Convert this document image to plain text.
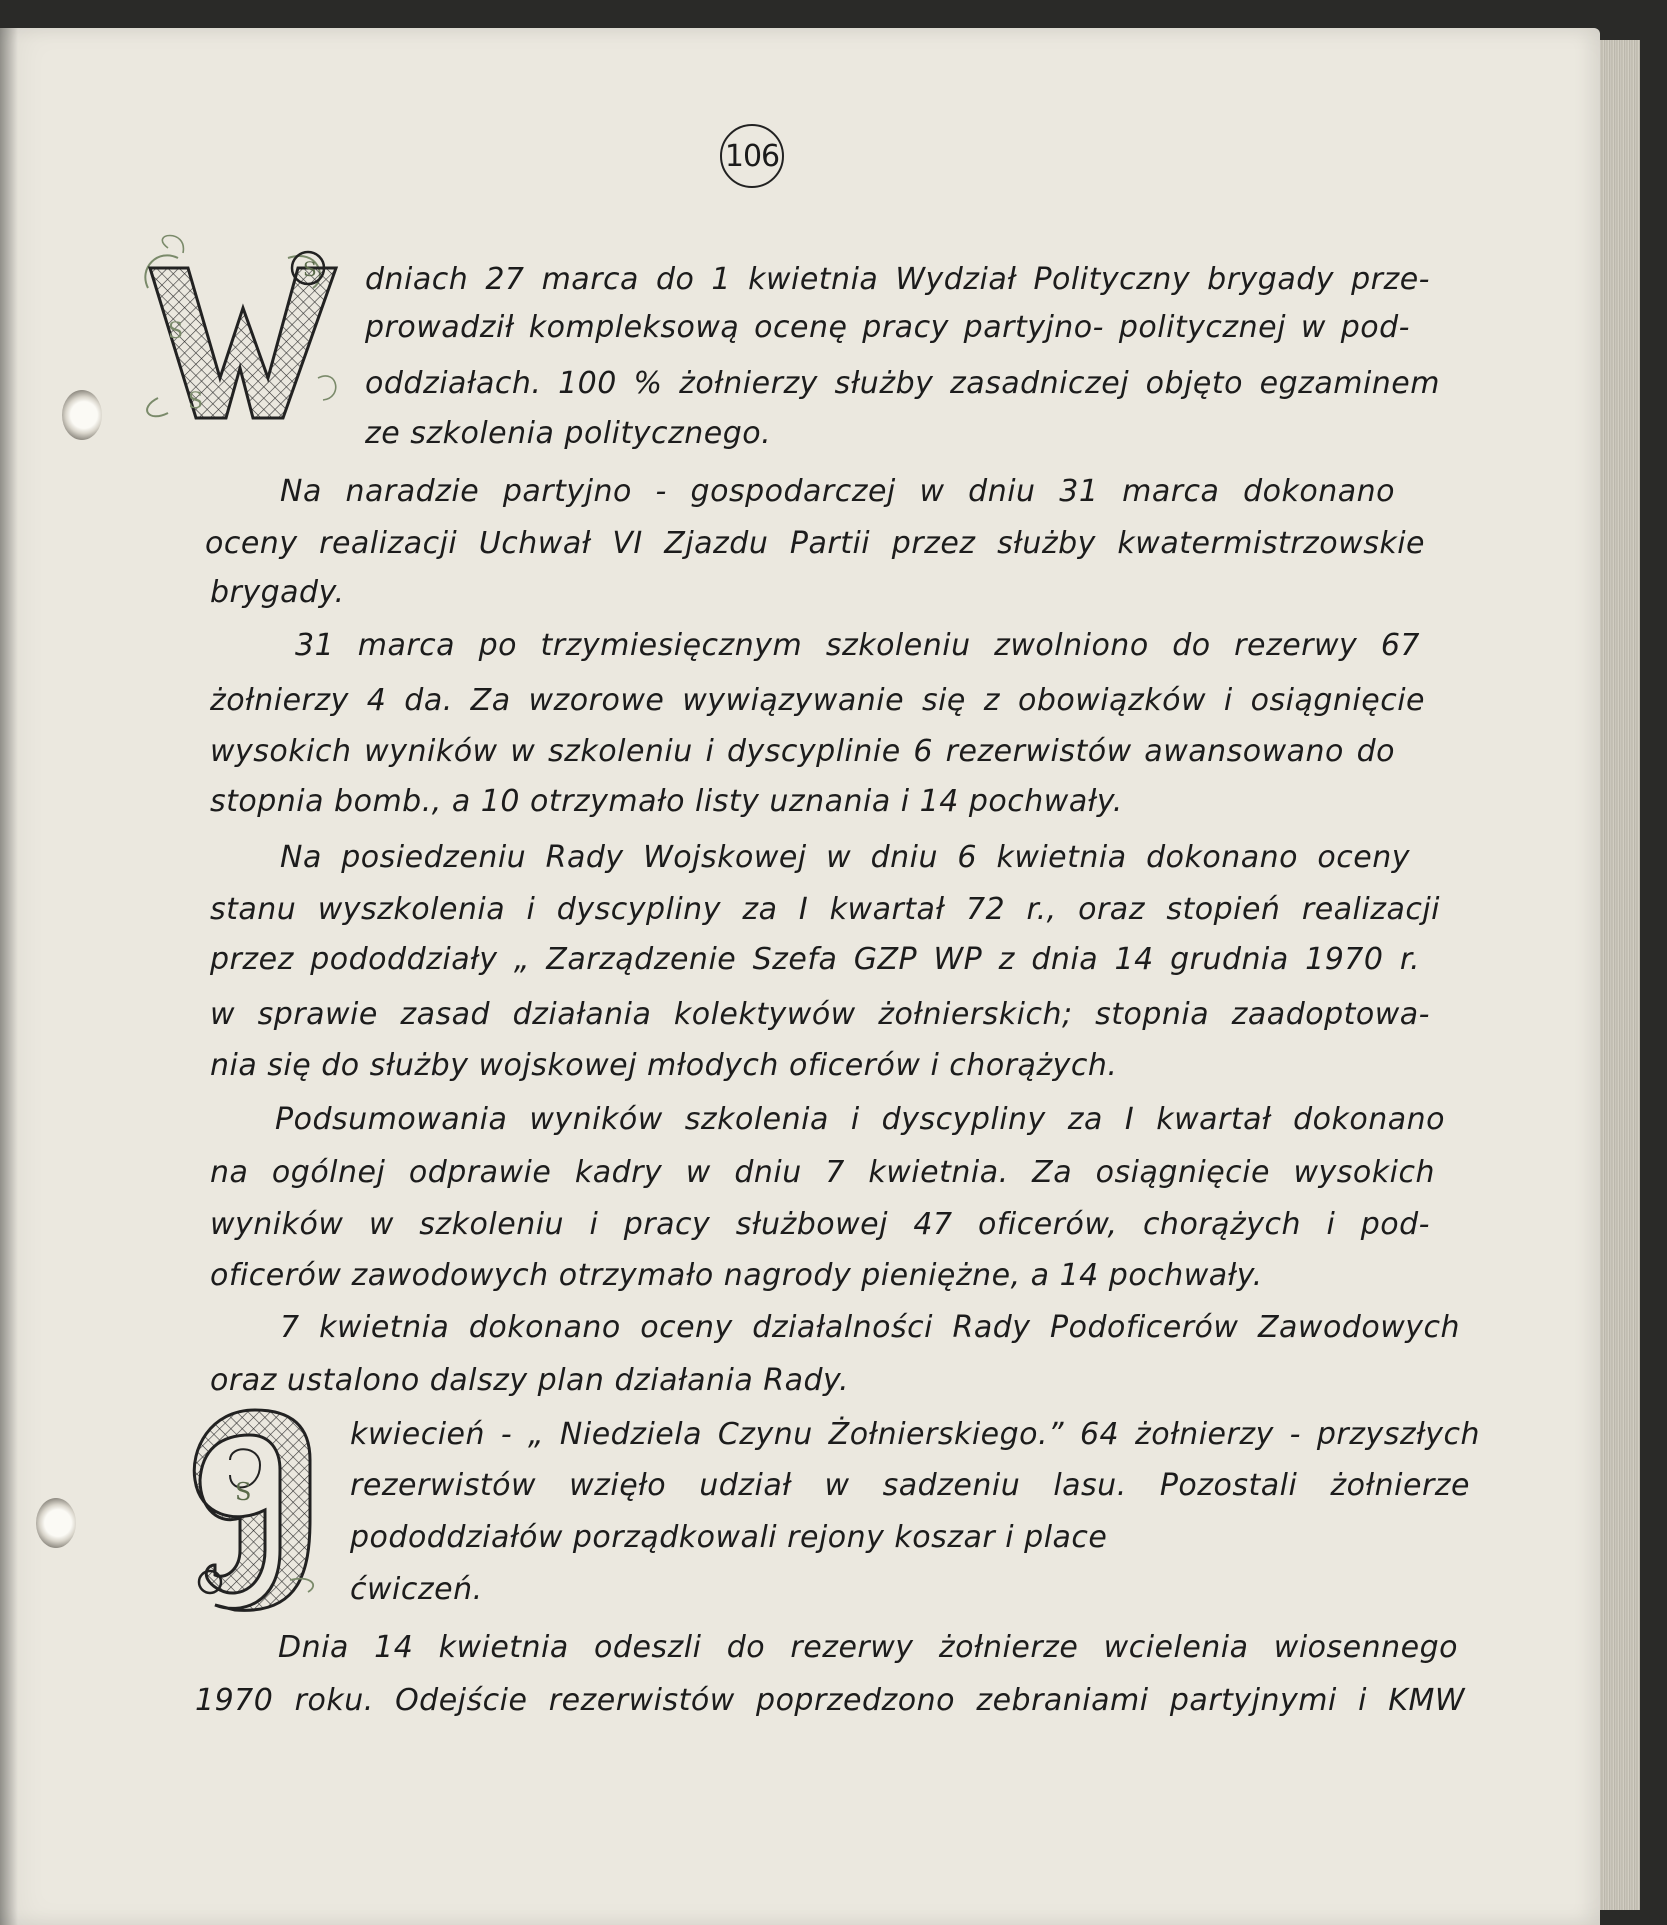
106
S
S
S
S
dniach 27 marca do 1 kwietnia Wydział Polityczny brygady prze-
prowadził kompleksową ocenę pracy partyjno- politycznej w pod-
oddziałach. 100 % żołnierzy służby zasadniczej objęto egzaminem
ze szkolenia politycznego.
Na naradzie partyjno - gospodarczej w dniu 31 marca dokonano
oceny realizacji Uchwał VI Zjazdu Partii przez służby kwatermistrzowskie
brygady.
31 marca po trzymiesięcznym szkoleniu zwolniono do rezerwy 67
żołnierzy 4 da. Za wzorowe wywiązywanie się z obowiązków i osiągnięcie
wysokich wyników w szkoleniu i dyscyplinie 6 rezerwistów awansowano do
stopnia bomb., a 10 otrzymało listy uznania i 14 pochwały.
Na posiedzeniu Rady Wojskowej w dniu 6 kwietnia dokonano oceny
stanu wyszkolenia i dyscypliny za I kwartał 72 r., oraz stopień realizacji
przez pododdziały „ Zarządzenie Szefa GZP WP z dnia 14 grudnia 1970 r.
w sprawie zasad działania kolektywów żołnierskich; stopnia zaadoptowa-
nia się do służby wojskowej młodych oficerów i chorążych.
Podsumowania wyników szkolenia i dyscypliny za I kwartał dokonano
na ogólnej odprawie kadry w dniu 7 kwietnia. Za osiągnięcie wysokich
wyników w szkoleniu i pracy służbowej 47 oficerów, chorążych i pod-
oficerów zawodowych otrzymało nagrody pieniężne, a 14 pochwały.
7 kwietnia dokonano oceny działalności Rady Podoficerów Zawodowych
oraz ustalono dalszy plan działania Rady.
kwiecień - „ Niedziela Czynu Żołnierskiego.” 64 żołnierzy - przyszłych
rezerwistów wzięło udział w sadzeniu lasu. Pozostali żołnierze
pododdziałów porządkowali rejony koszar i place
ćwiczeń.
Dnia 14 kwietnia odeszli do rezerwy żołnierze wcielenia wiosennego
1970 roku. Odejście rezerwistów poprzedzono zebraniami partyjnymi i KMW
